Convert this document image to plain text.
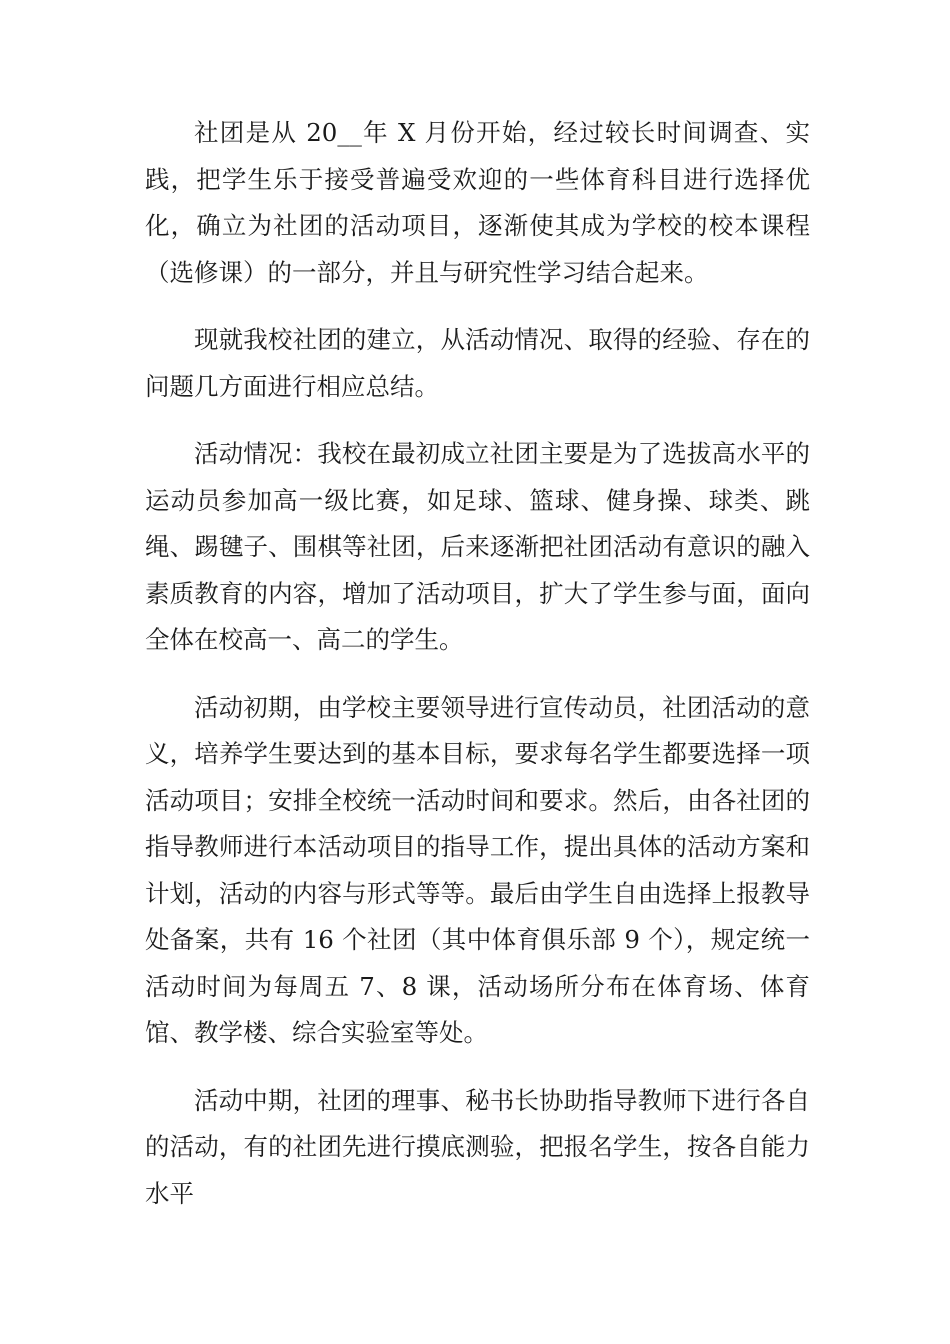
社团是从 20__年 X 月份开始，经过较长时间调查、实践，把学生乐于接受普遍受欢迎的一些体育科目进行选择优化，确立为社团的活动项目，逐渐使其成为学校的校本课程（选修课）的一部分，并且与研究性学习结合起来。

现就我校社团的建立，从活动情况、取得的经验、存在的问题几方面进行相应总结。

活动情况：我校在最初成立社团主要是为了选拔高水平的运动员参加高一级比赛，如足球、篮球、健身操、球类、跳绳、踢毽子、围棋等社团，后来逐渐把社团活动有意识的融入素质教育的内容，增加了活动项目，扩大了学生参与面，面向全体在校高一、高二的学生。

活动初期，由学校主要领导进行宣传动员，社团活动的意义，培养学生要达到的基本目标，要求每名学生都要选择一项活动项目；安排全校统一活动时间和要求。然后，由各社团的指导教师进行本活动项目的指导工作，提出具体的活动方案和计划，活动的内容与形式等等。最后由学生自由选择上报教导处备案，共有 16 个社团（其中体育俱乐部 9 个），规定统一活动时间为每周五 7、8 课，活动场所分布在体育场、体育馆、教学楼、综合实验室等处。

活动中期，社团的理事、秘书长协助指导教师下进行各自的活动，有的社团先进行摸底测验，把报名学生，按各自能力水平
